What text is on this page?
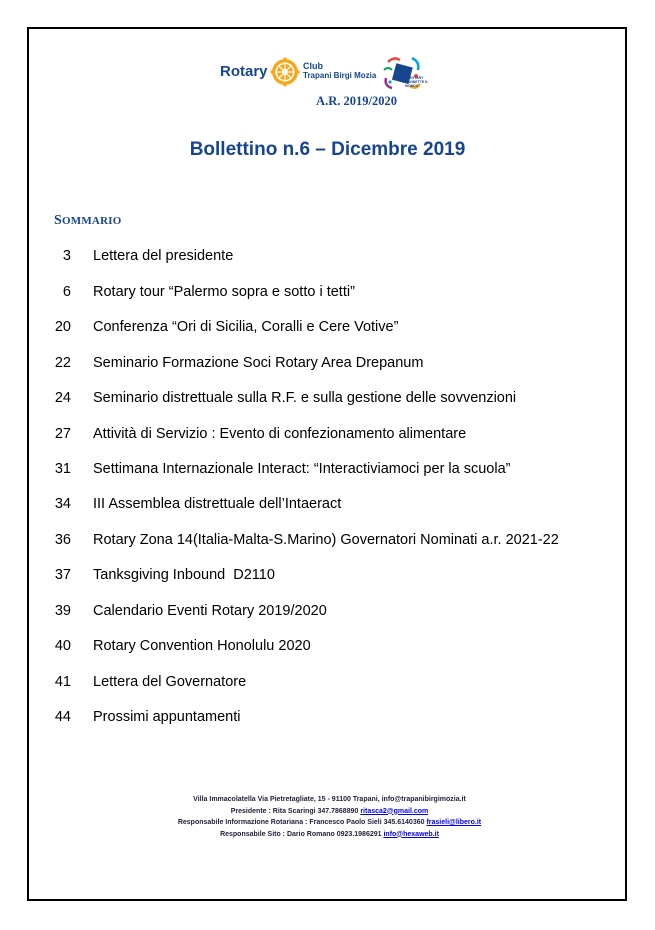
Rotary	Club
Trapani Birgi Mozia	IL ROTARY CONNETTE IL MONDO
A.R. 2019/2020
Bollettino n.6 – Dicembre 2019
SOMMARIO
3 Lettera del presidente
6 Rotary tour “Palermo sopra e sotto i tetti”
20 Conferenza “Ori di Sicilia, Coralli e Cere Votive”
22 Seminario Formazione Soci Rotary Area Drepanum
24 Seminario distrettuale sulla R.F. e sulla gestione delle sovvenzioni
27 Attività di Servizio : Evento di confezionamento alimentare
31 Settimana Internazionale Interact: “Interactiviamoci per la scuola”
34 III Assemblea distrettuale dell’Intaeract
36 Rotary Zona 14(Italia-Malta-S.Marino) Governatori Nominati a.r. 2021-22
37 Tanksgiving Inbound  D2110
39 Calendario Eventi Rotary 2019/2020
40 Rotary Convention Honolulu 2020
41 Lettera del Governatore
44 Prossimi appuntamenti
Villa Immacolatella Via Pietretagliate, 15 - 91100 Trapani, info@trapanibirgimozia.it
Presidente : Rita Scaringi 347.7868890 ritasca2@gmail.com
Responsabile Informazione Rotariana : Francesco Paolo Sieli 345.6140360 frasieli@libero.it
Responsabile Sito : Dario Romano 0923.1986291 info@hexaweb.it
